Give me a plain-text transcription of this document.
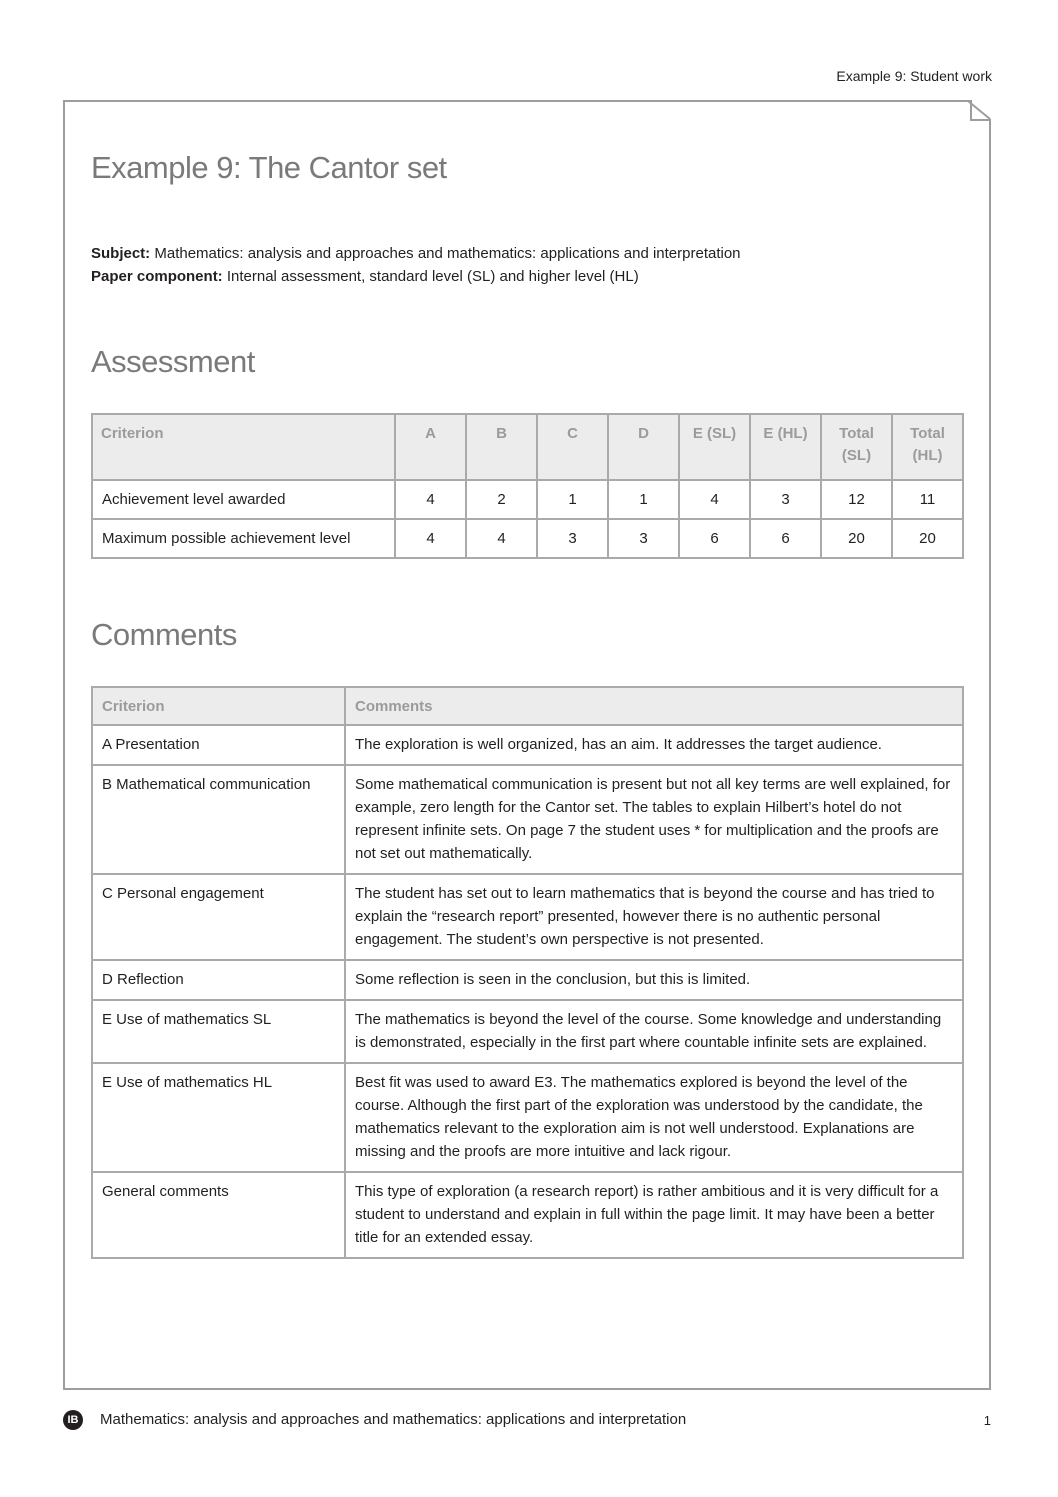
Example 9: Student work
Example 9: The Cantor set
Subject: Mathematics: analysis and approaches and mathematics: applications and interpretation
Paper component: Internal assessment, standard level (SL) and higher level (HL)
Assessment
Criterion	A	B	C	D	E (SL)	E (HL)	Total (SL)	Total (HL)
Achievement level awarded	4	2	1	1	4	3	12	11
Maximum possible achievement level	4	4	3	3	6	6	20	20
Comments
Criterion	Comments
A Presentation	The exploration is well organized, has an aim. It addresses the target audience.
B Mathematical communication	Some mathematical communication is present but not all key terms are well explained, for example, zero length for the Cantor set. The tables to explain Hilbert’s hotel do not represent infinite sets. On page 7 the student uses * for multiplication and the proofs are not set out mathematically.
C Personal engagement	The student has set out to learn mathematics that is beyond the course and has tried to explain the “research report” presented, however there is no authentic personal engagement. The student’s own perspective is not presented.
D Reflection	Some reflection is seen in the conclusion, but this is limited.
E Use of mathematics SL	The mathematics is beyond the level of the course. Some knowledge and understanding is demonstrated, especially in the first part where countable infinite sets are explained.
E Use of mathematics HL	Best fit was used to award E3. The mathematics explored is beyond the level of the course. Although the first part of the exploration was understood by the candidate, the mathematics relevant to the exploration aim is not well understood. Explanations are missing and the proofs are more intuitive and lack rigour.
General comments	This type of exploration (a research report) is rather ambitious and it is very difficult for a student to understand and explain in full within the page limit. It may have been a better title for an extended essay.
IB	Mathematics: analysis and approaches and mathematics: applications and interpretation	1
